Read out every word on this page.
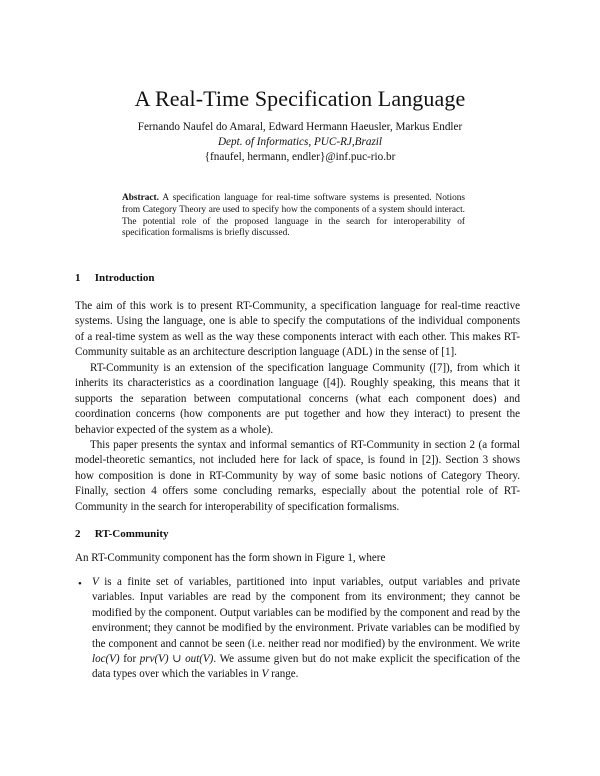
A Real-Time Specification Language
Fernando Naufel do Amaral, Edward Hermann Haeusler, Markus Endler
Dept. of Informatics, PUC-RJ,Brazil
{fnaufel, hermann, endler}@inf.puc-rio.br
Abstract. A specification language for real-time software systems is presented. Notions from Category Theory are used to specify how the components of a system should interact. The potential role of the proposed language in the search for interoperability of specification formalisms is briefly discussed.
1 Introduction

The aim of this work is to present RT-Community, a specification language for real-time reactive systems. Using the language, one is able to specify the computations of the individual components of a real-time system as well as the way these components interact with each other. This makes RT-Community suitable as an architecture description language (ADL) in the sense of [1].

RT-Community is an extension of the specification language Community ([7]), from which it inherits its characteristics as a coordination language ([4]). Roughly speaking, this means that it supports the separation between computational concerns (what each component does) and coordination concerns (how components are put together and how they interact) to present the behavior expected of the system as a whole).

This paper presents the syntax and informal semantics of RT-Community in section 2 (a formal model-theoretic semantics, not included here for lack of space, is found in [2]). Section 3 shows how composition is done in RT-Community by way of some basic notions of Category Theory. Finally, section 4 offers some concluding remarks, especially about the potential role of RT-Community in the search for interoperability of specification formalisms.

2 RT-Community

An RT-Community component has the form shown in Figure 1, where

• V is a finite set of variables, partitioned into input variables, output variables and private variables. Input variables are read by the component from its environment; they cannot be modified by the component. Output variables can be modified by the component and read by the environment; they cannot be modified by the environment. Private variables can be modified by the component and cannot be seen (i.e. neither read nor modified) by the environment. We write loc(V) for prv(V) ∪ out(V). We assume given but do not make explicit the specification of the data types over which the variables in V range.
